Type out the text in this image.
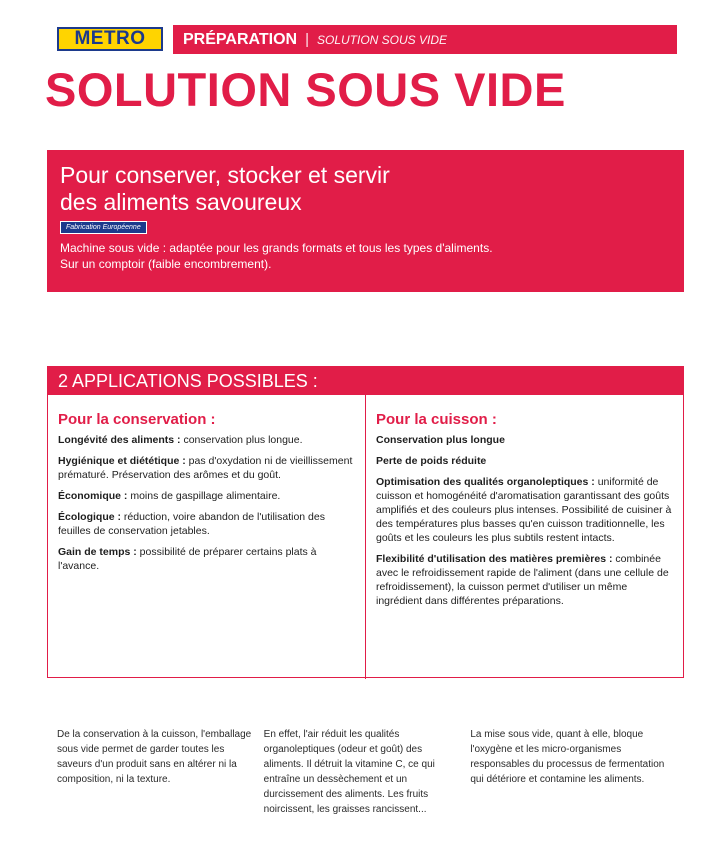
METRO	PRÉPARATION | SOLUTION SOUS VIDE
SOLUTION SOUS VIDE
Pour conserver, stocker et servir
des aliments savoureux
Fabrication Européenne

Machine sous vide : adaptée pour les grands formats et tous les types d'aliments.
Sur un comptoir (faible encombrement).

2 APPLICATIONS POSSIBLES :
Pour la conservation :
Longévité des aliments : conservation plus longue.
Hygiénique et diététique : pas d'oxydation ni de vieillissement prématuré. Préservation des arômes et du goût.
Économique : moins de gaspillage alimentaire.
Écologique : réduction, voire abandon de l'utilisation des feuilles de conservation jetables.
Gain de temps : possibilité de préparer certains plats à l'avance.
Pour la cuisson :
Conservation plus longue
Perte de poids réduite
Optimisation des qualités organoleptiques : uniformité de cuisson et homogénéité d'aromatisation garantissant des goûts amplifiés et des couleurs plus intenses. Possibilité de cuisiner à des températures plus basses qu'en cuisson traditionnelle, les goûts et les couleurs les plus subtils restent intacts.
Flexibilité d'utilisation des matières premières : combinée avec le refroidissement rapide de l'aliment (dans une cellule de refroidissement), la cuisson permet d'utiliser un même ingrédient dans différentes préparations.
De la conservation à la cuisson, l'emballage sous vide permet de garder toutes les saveurs d'un produit sans en altérer ni la composition, ni la texture.
En effet, l'air réduit les qualités organoleptiques (odeur et goût) des aliments. Il détruit la vitamine C, ce qui entraîne un dessèchement et un durcissement des aliments. Les fruits noircissent, les graisses rancissent...
La mise sous vide, quant à elle, bloque l'oxygène et les micro-organismes responsables du processus de fermentation qui détériore et contamine les aliments.
